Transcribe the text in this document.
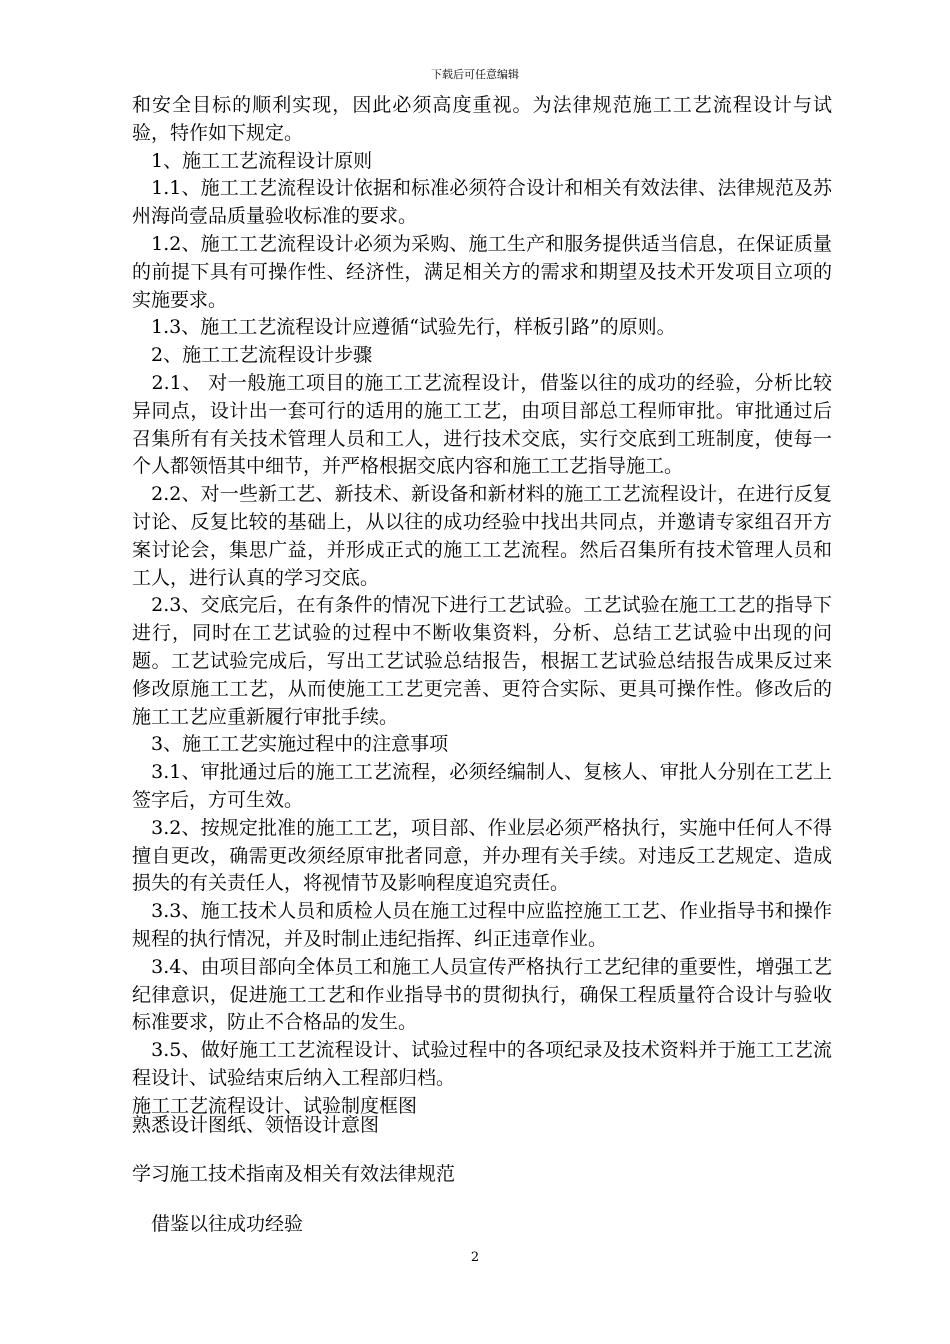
下载后可任意编辑

和安全目标的顺利实现，因此必须高度重视。为法律规范施工工艺流程设计与试验，特作如下规定。

　1、施工工艺流程设计原则

　1.1、施工工艺流程设计依据和标准必须符合设计和相关有效法律、法律规范及苏州海尚壹品质量验收标准的要求。

　1.2、施工工艺流程设计必须为采购、施工生产和服务提供适当信息，在保证质量的前提下具有可操作性、经济性，满足相关方的需求和期望及技术开发项目立项的实施要求。

　1.3、施工工艺流程设计应遵循“试验先行，样板引路”的原则。

　2、施工工艺流程设计步骤

　2.1、 对一般施工项目的施工工艺流程设计，借鉴以往的成功的经验，分析比较异同点，设计出一套可行的适用的施工工艺，由项目部总工程师审批。审批通过后召集所有有关技术管理人员和工人，进行技术交底，实行交底到工班制度，使每一个人都领悟其中细节，并严格根据交底内容和施工工艺指导施工。

　2.2、对一些新工艺、新技术、新设备和新材料的施工工艺流程设计，在进行反复讨论、反复比较的基础上，从以往的成功经验中找出共同点，并邀请专家组召开方案讨论会，集思广益，并形成正式的施工工艺流程。然后召集所有技术管理人员和工人，进行认真的学习交底。

　2.3、交底完后，在有条件的情况下进行工艺试验。工艺试验在施工工艺的指导下进行，同时在工艺试验的过程中不断收集资料，分析、总结工艺试验中出现的问题。工艺试验完成后，写出工艺试验总结报告，根据工艺试验总结报告成果反过来修改原施工工艺，从而使施工工艺更完善、更符合实际、更具可操作性。修改后的施工工艺应重新履行审批手续。

　3、施工工艺实施过程中的注意事项

　3.1、审批通过后的施工工艺流程，必须经编制人、复核人、审批人分别在工艺上签字后，方可生效。

　3.2、按规定批准的施工工艺，项目部、作业层必须严格执行，实施中任何人不得擅自更改，确需更改须经原审批者同意，并办理有关手续。对违反工艺规定、造成损失的有关责任人，将视情节及影响程度追究责任。

　3.3、施工技术人员和质检人员在施工过程中应监控施工工艺、作业指导书和操作规程的执行情况，并及时制止违纪指挥、纠正违章作业。

　3.4、由项目部向全体员工和施工人员宣传严格执行工艺纪律的重要性，增强工艺纪律意识，促进施工工艺和作业指导书的贯彻执行，确保工程质量符合设计与验收标准要求，防止不合格品的发生。

　3.5、做好施工工艺流程设计、试验过程中的各项纪录及技术资料并于施工工艺流程设计、试验结束后纳入工程部归档。

施工工艺流程设计、试验制度框图

熟悉设计图纸、领悟设计意图
学习施工技术指南及相关有效法律规范
　借鉴以往成功经验
2
